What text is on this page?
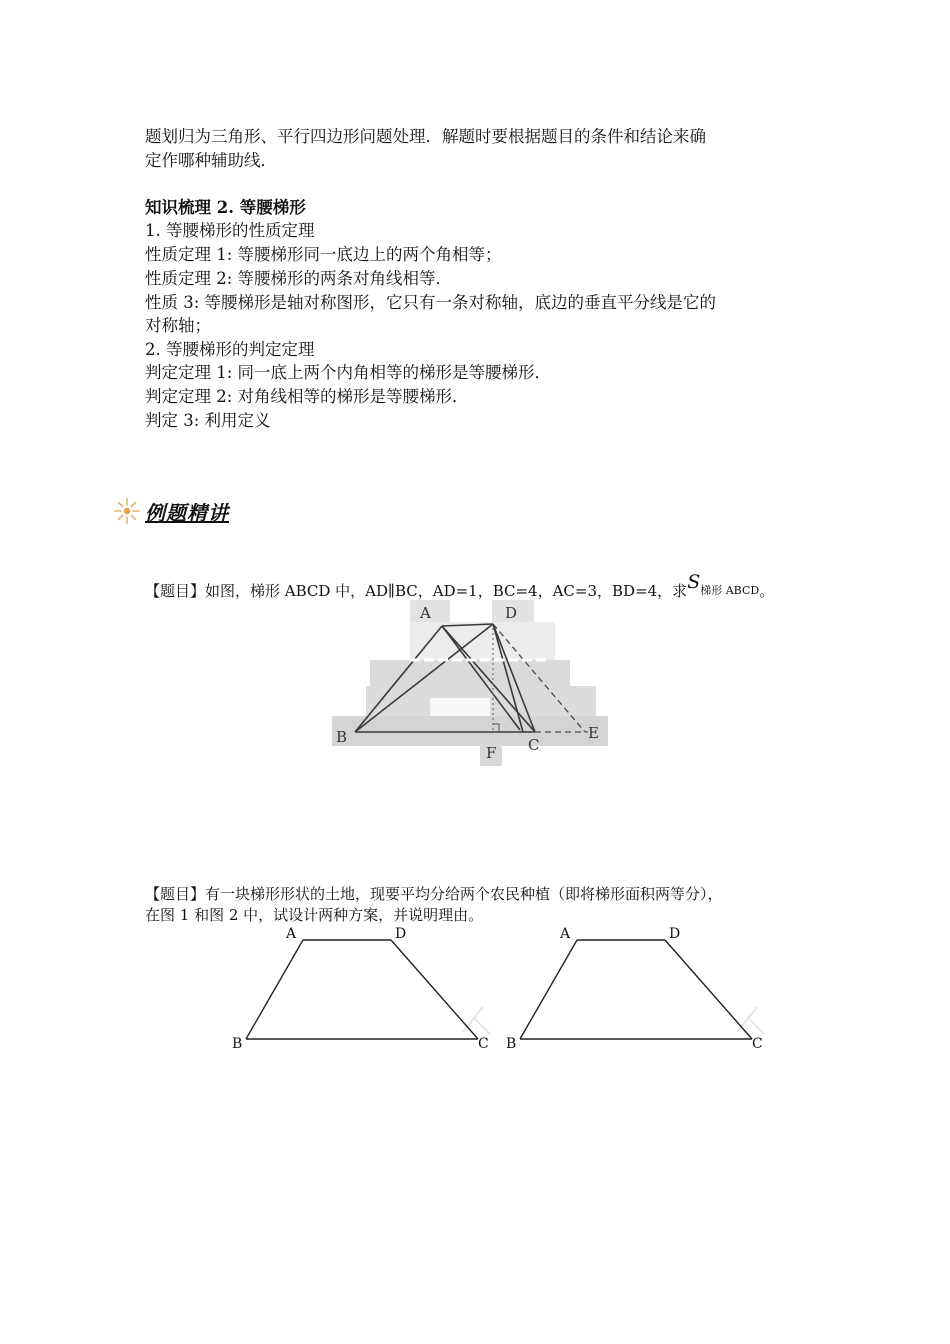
题划归为三角形、平行四边形问题处理．解题时要根据题目的条件和结论来确
定作哪种辅助线．
知识梳理 2. 等腰梯形
1. 等腰梯形的性质定理
性质定理 1: 等腰梯形同一底边上的两个角相等；
性质定理 2: 等腰梯形的两条对角线相等．
性质 3: 等腰梯形是轴对称图形，它只有一条对称轴，底边的垂直平分线是它的
对称轴；
2. 等腰梯形的判定定理
判定定理 1: 同一底上两个内角相等的梯形是等腰梯形．
判定定理 2: 对角线相等的梯形是等腰梯形．
判定 3: 利用定义
例题精讲
【题目】如图，梯形 ABCD 中，AD∥BC，AD=1，BC=4，AC=3，BD=4，求S梯形 ABCD。
A	D
B
F C
E
【题目】有一块梯形形状的土地，现要平均分给两个农民种植（即将梯形面积两等分），
在图 1 和图 2 中，试设计两种方案，并说明理由。
A	D
B	C
A	D
B	C
